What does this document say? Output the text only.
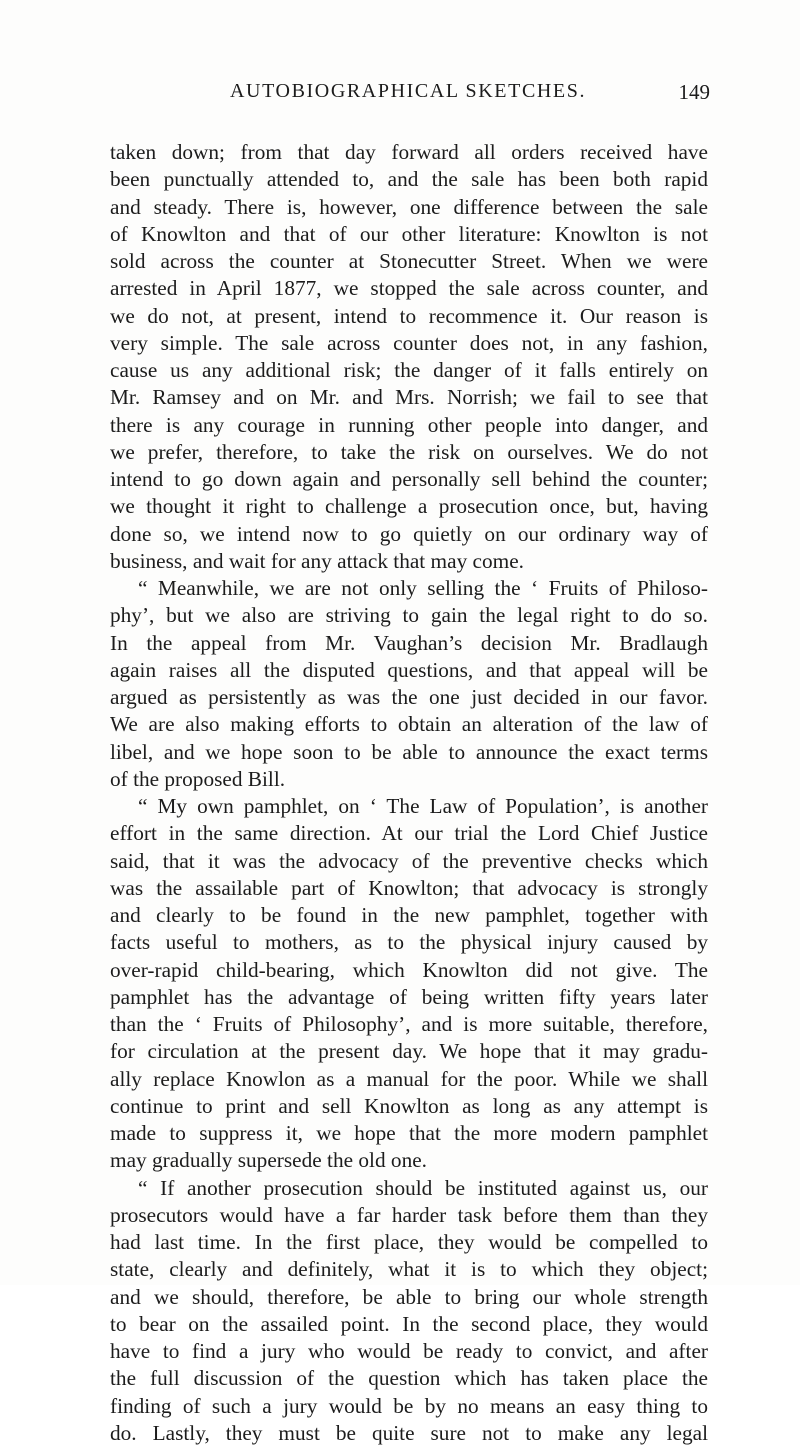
AUTOBIOGRAPHICAL SKETCHES.	149
taken down; from that day forward all orders received have
been punctually attended to, and the sale has been both rapid
and steady. There is, however, one difference between the sale
of Knowlton and that of our other literature: Knowlton is not
sold across the counter at Stonecutter Street. When we were
arrested in April 1877, we stopped the sale across counter, and
we do not, at present, intend to recommence it. Our reason is
very simple. The sale across counter does not, in any fashion,
cause us any additional risk; the danger of it falls entirely on
Mr. Ramsey and on Mr. and Mrs. Norrish; we fail to see that
there is any courage in running other people into danger, and
we prefer, therefore, to take the risk on ourselves. We do not
intend to go down again and personally sell behind the counter;
we thought it right to challenge a prosecution once, but, having
done so, we intend now to go quietly on our ordinary way of
business, and wait for any attack that may come.
“ Meanwhile, we are not only selling the ‘ Fruits of Philoso-
phy’, but we also are striving to gain the legal right to do so.
In the appeal from Mr. Vaughan’s decision Mr. Bradlaugh
again raises all the disputed questions, and that appeal will be
argued as persistently as was the one just decided in our favor.
We are also making efforts to obtain an alteration of the law of
libel, and we hope soon to be able to announce the exact terms
of the proposed Bill.
“ My own pamphlet, on ‘ The Law of Population’, is another
effort in the same direction. At our trial the Lord Chief Justice
said, that it was the advocacy of the preventive checks which
was the assailable part of Knowlton; that advocacy is strongly
and clearly to be found in the new pamphlet, together with
facts useful to mothers, as to the physical injury caused by
over-rapid child-bearing, which Knowlton did not give. The
pamphlet has the advantage of being written fifty years later
than the ‘ Fruits of Philosophy’, and is more suitable, therefore,
for circulation at the present day. We hope that it may gradu-
ally replace Knowlon as a manual for the poor. While we shall
continue to print and sell Knowlton as long as any attempt is
made to suppress it, we hope that the more modern pamphlet
may gradually supersede the old one.
“ If another prosecution should be instituted against us, our
prosecutors would have a far harder task before them than they
had last time. In the first place, they would be compelled to
state, clearly and definitely, what it is to which they object;
and we should, therefore, be able to bring our whole strength
to bear on the assailed point. In the second place, they would
have to find a jury who would be ready to convict, and after
the full discussion of the question which has taken place the
finding of such a jury would be by no means an easy thing to
do. Lastly, they must be quite sure not to make any legal
